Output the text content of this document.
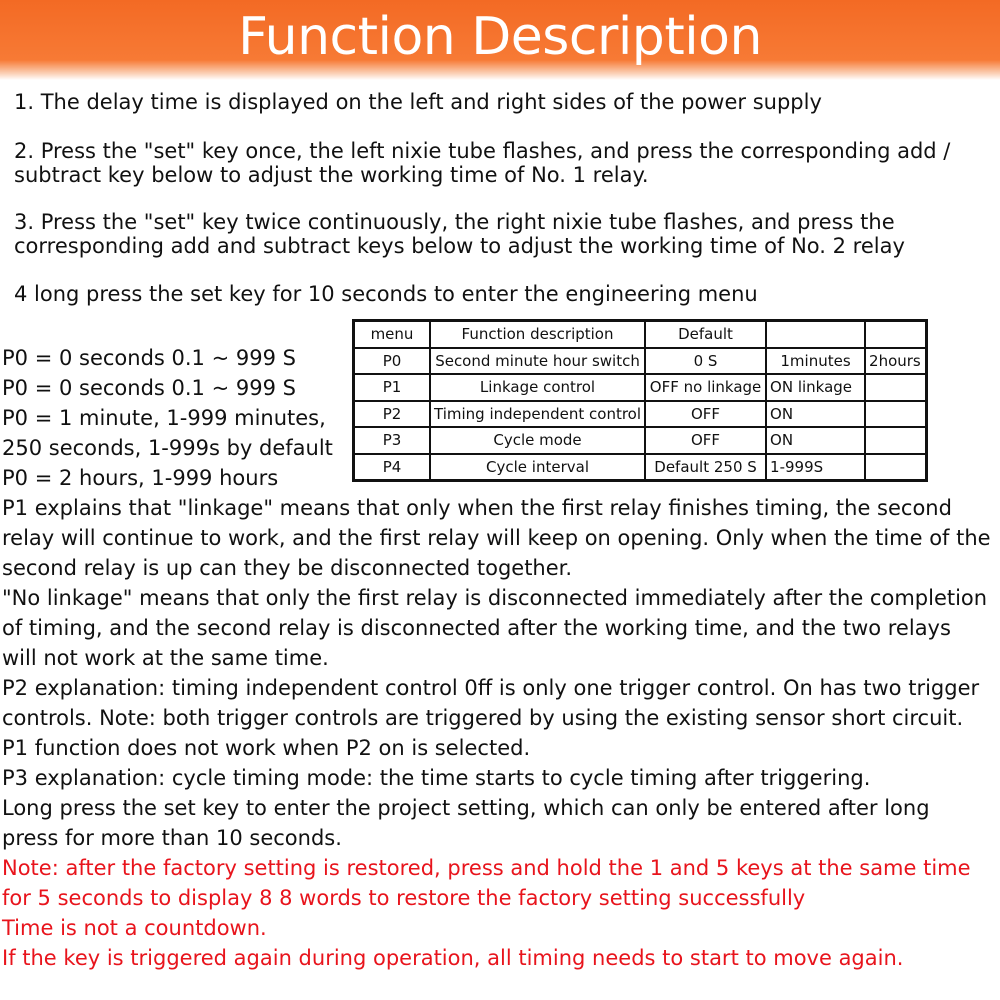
Function Description

1. The delay time is displayed on the left and right sides of the power supply

2. Press the "set" key once, the left nixie tube flashes, and press the corresponding add / subtract key below to adjust the working time of No. 1 relay.

3. Press the "set" key twice continuously, the right nixie tube flashes, and press the corresponding add and subtract keys below to adjust the working time of No. 2 relay

4 long press the set key for 10 seconds to enter the engineering menu

P0 = 0 seconds 0.1 ~ 999 S
P0 = 0 seconds 0.1 ~ 999 S
P0 = 1 minute, 1-999 minutes,
250 seconds, 1-999s by default
P0 = 2 hours, 1-999 hours
menu	Function description	Default		
P0	Second minute hour switch	0 S	1minutes	2hours
P1	Linkage control	OFF no linkage	ON linkage	
P2	Timing independent control	OFF	ON	
P3	Cycle mode	OFF	ON	
P4	Cycle interval	Default 250 S	1-999S	

P1 explains that "linkage" means that only when the first relay finishes timing, the second relay will continue to work, and the first relay will keep on opening. Only when the time of the second relay is up can they be disconnected together.

"No linkage" means that only the first relay is disconnected immediately after the completion of timing, and the second relay is disconnected after the working time, and the two relays will not work at the same time.

P2 explanation: timing independent control 0ff is only one trigger control. On has two trigger controls. Note: both trigger controls are triggered by using the existing sensor short circuit. P1 function does not work when P2 on is selected.

P3 explanation: cycle timing mode: the time starts to cycle timing after triggering.

Long press the set key to enter the project setting, which can only be entered after long press for more than 10 seconds.

Note: after the factory setting is restored, press and hold the 1 and 5 keys at the same time for 5 seconds to display 8 8 words to restore the factory setting successfully

Time is not a countdown.

If the key is triggered again during operation, all timing needs to start to move again.
